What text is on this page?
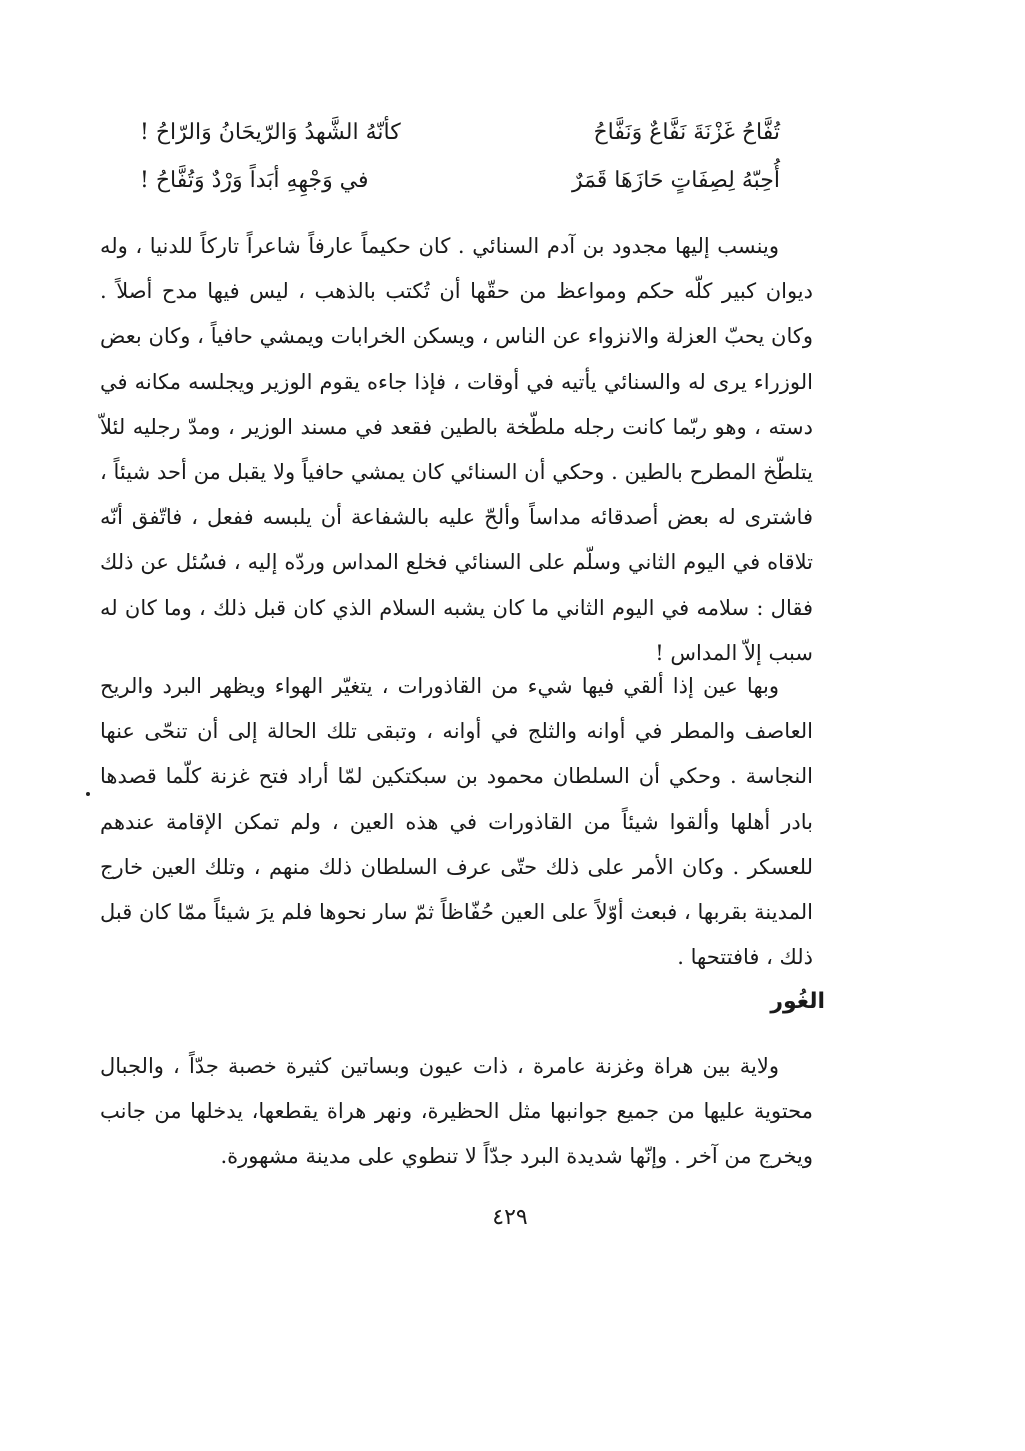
تُفَّاحُ غَزْنَةَ نَفَّاعٌ وَنَفَّاحُ
كأنّهُ الشَّهدُ وَالرّيحَانُ وَالرّاحُ !
أُحِبّهُ لِصِفَاتٍ حَازَهَا قَمَرٌ
في وَجْهِهِ أبَداً وَرْدٌ وَتُفَّاحُ !

وينسب إليها مجدود بن آدم السنائي . كان حكيماً عارفاً شاعراً تاركاً للدنيا ، وله ديوان كبير كلّه حكم ومواعظ من حقّها أن تُكتب بالذهب ، ليس فيها مدح أصلاً . وكان يحبّ العزلة والانزواء عن الناس ، ويسكن الخرابات ويمشي حافياً ، وكان بعض الوزراء يرى له والسنائي يأتيه في أوقات ، فإذا جاءه يقوم الوزير ويجلسه مكانه في دسته ، وهو ربّما كانت رجله ملطّخة بالطين فقعد في مسند الوزير ، ومدّ رجليه لئلاّ يتلطّخ المطرح بالطين . وحكي أن السنائي كان يمشي حافياً ولا يقبل من أحد شيئاً ، فاشترى له بعض أصدقائه مداساً وألحّ عليه بالشفاعة أن يلبسه ففعل ، فاتّفق أنّه تلاقاه في اليوم الثاني وسلّم على السنائي فخلع المداس وردّه إليه ، فسُئل عن ذلك فقال : سلامه في اليوم الثاني ما كان يشبه السلام الذي كان قبل ذلك ، وما كان له سبب إلاّ المداس !

وبها عين إذا ألقي فيها شيء من القاذورات ، يتغيّر الهواء ويظهر البرد والريح العاصف والمطر في أوانه والثلج في أوانه ، وتبقى تلك الحالة إلى أن تنحّى عنها النجاسة . وحكي أن السلطان محمود بن سبكتكين لمّا أراد فتح غزنة كلّما قصدها بادر أهلها وألقوا شيئاً من القاذورات في هذه العين ، ولم تمكن الإقامة عندهم للعسكر . وكان الأمر على ذلك حتّى عرف السلطان ذلك منهم ، وتلك العين خارج المدينة بقربها ، فبعث أوّلاً على العين حُفّاظاً ثمّ سار نحوها فلم يرَ شيئاً ممّا كان قبل ذلك ، فافتتحها .

الغُور

ولاية بين هراة وغزنة عامرة ، ذات عيون وبساتين كثيرة خصبة جدّاً ، والجبال محتوية عليها من جميع جوانبها مثل الحظيرة، ونهر هراة يقطعها، يدخلها من جانب ويخرج من آخر . وإنّها شديدة البرد جدّاً لا تنطوي على مدينة مشهورة.

٤٢٩
